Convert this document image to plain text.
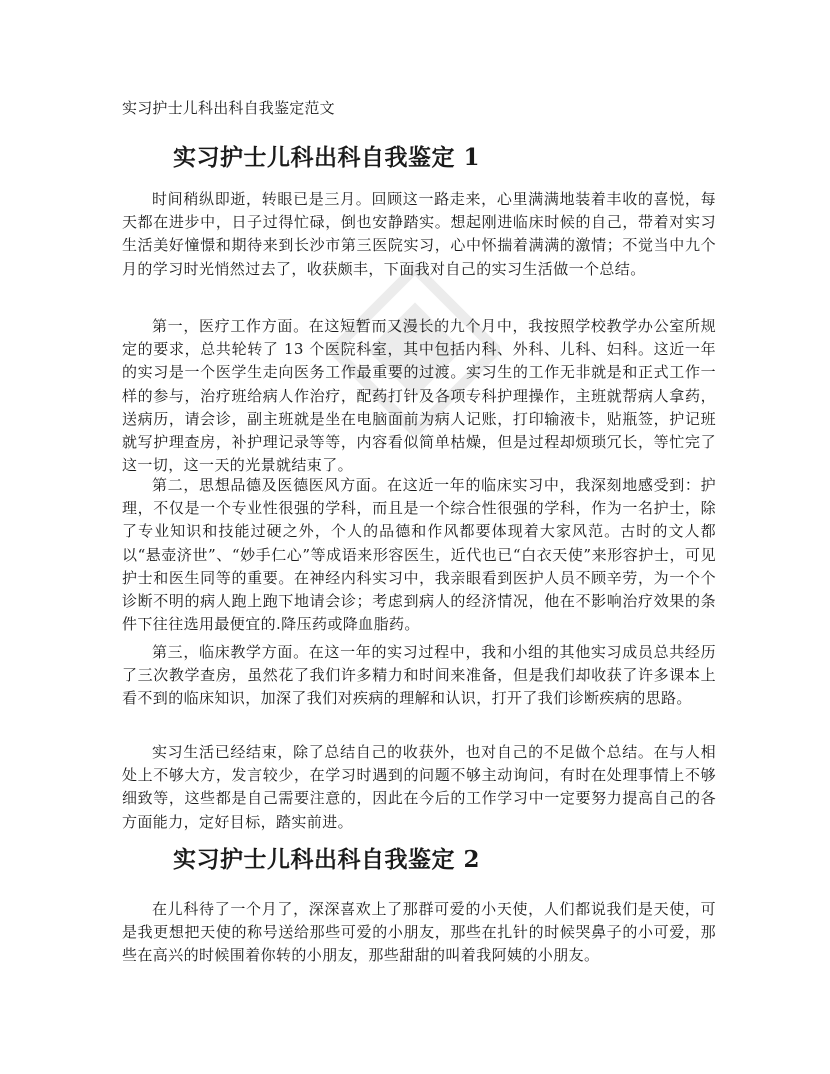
实习护士儿科出科自我鉴定范文
实习护士儿科出科自我鉴定 1

时间稍纵即逝，转眼已是三月。回顾这一路走来，心里满满地装着丰收的喜悦，每天都在进步中，日子过得忙碌，倒也安静踏实。想起刚进临床时候的自己，带着对实习生活美好憧憬和期待来到长沙市第三医院实习，心中怀揣着满满的激情；不觉当中九个月的学习时光悄然过去了，收获颇丰，下面我对自己的实习生活做一个总结。

第一，医疗工作方面。在这短暂而又漫长的九个月中，我按照学校教学办公室所规定的要求，总共轮转了 13 个医院科室，其中包括内科、外科、儿科、妇科。这近一年的实习是一个医学生走向医务工作最重要的过渡。实习生的工作无非就是和正式工作一样的参与，治疗班给病人作治疗，配药打针及各项专科护理操作，主班就帮病人拿药，送病历，请会诊，副主班就是坐在电脑面前为病人记账，打印输液卡，贴瓶签，护记班就写护理查房，补护理记录等等，内容看似简单枯燥，但是过程却烦琐冗长，等忙完了这一切，这一天的光景就结束了。

第二，思想品德及医德医风方面。在这近一年的临床实习中，我深刻地感受到：护理，不仅是一个专业性很强的学科，而且是一个综合性很强的学科，作为一名护士，除了专业知识和技能过硬之外，个人的品德和作风都要体现着大家风范。古时的文人都以“悬壶济世”、“妙手仁心”等成语来形容医生，近代也已“白衣天使”来形容护士，可见护士和医生同等的重要。在神经内科实习中，我亲眼看到医护人员不顾辛劳，为一个个诊断不明的病人跑上跑下地请会诊；考虑到病人的经济情况，他在不影响治疗效果的条件下往往选用最便宜的.降压药或降血脂药。

第三，临床教学方面。在这一年的实习过程中，我和小组的其他实习成员总共经历了三次教学查房，虽然花了我们许多精力和时间来准备，但是我们却收获了许多课本上看不到的临床知识，加深了我们对疾病的理解和认识，打开了我们诊断疾病的思路。

实习生活已经结束，除了总结自己的收获外，也对自己的不足做个总结。在与人相处上不够大方，发言较少，在学习时遇到的问题不够主动询问，有时在处理事情上不够细致等，这些都是自己需要注意的，因此在今后的工作学习中一定要努力提高自己的各方面能力，定好目标，踏实前进。

实习护士儿科出科自我鉴定 2

在儿科待了一个月了，深深喜欢上了那群可爱的小天使，人们都说我们是天使，可是我更想把天使的称号送给那些可爱的小朋友，那些在扎针的时候哭鼻子的小可爱，那些在高兴的时候围着你转的小朋友，那些甜甜的叫着我阿姨的小朋友。
